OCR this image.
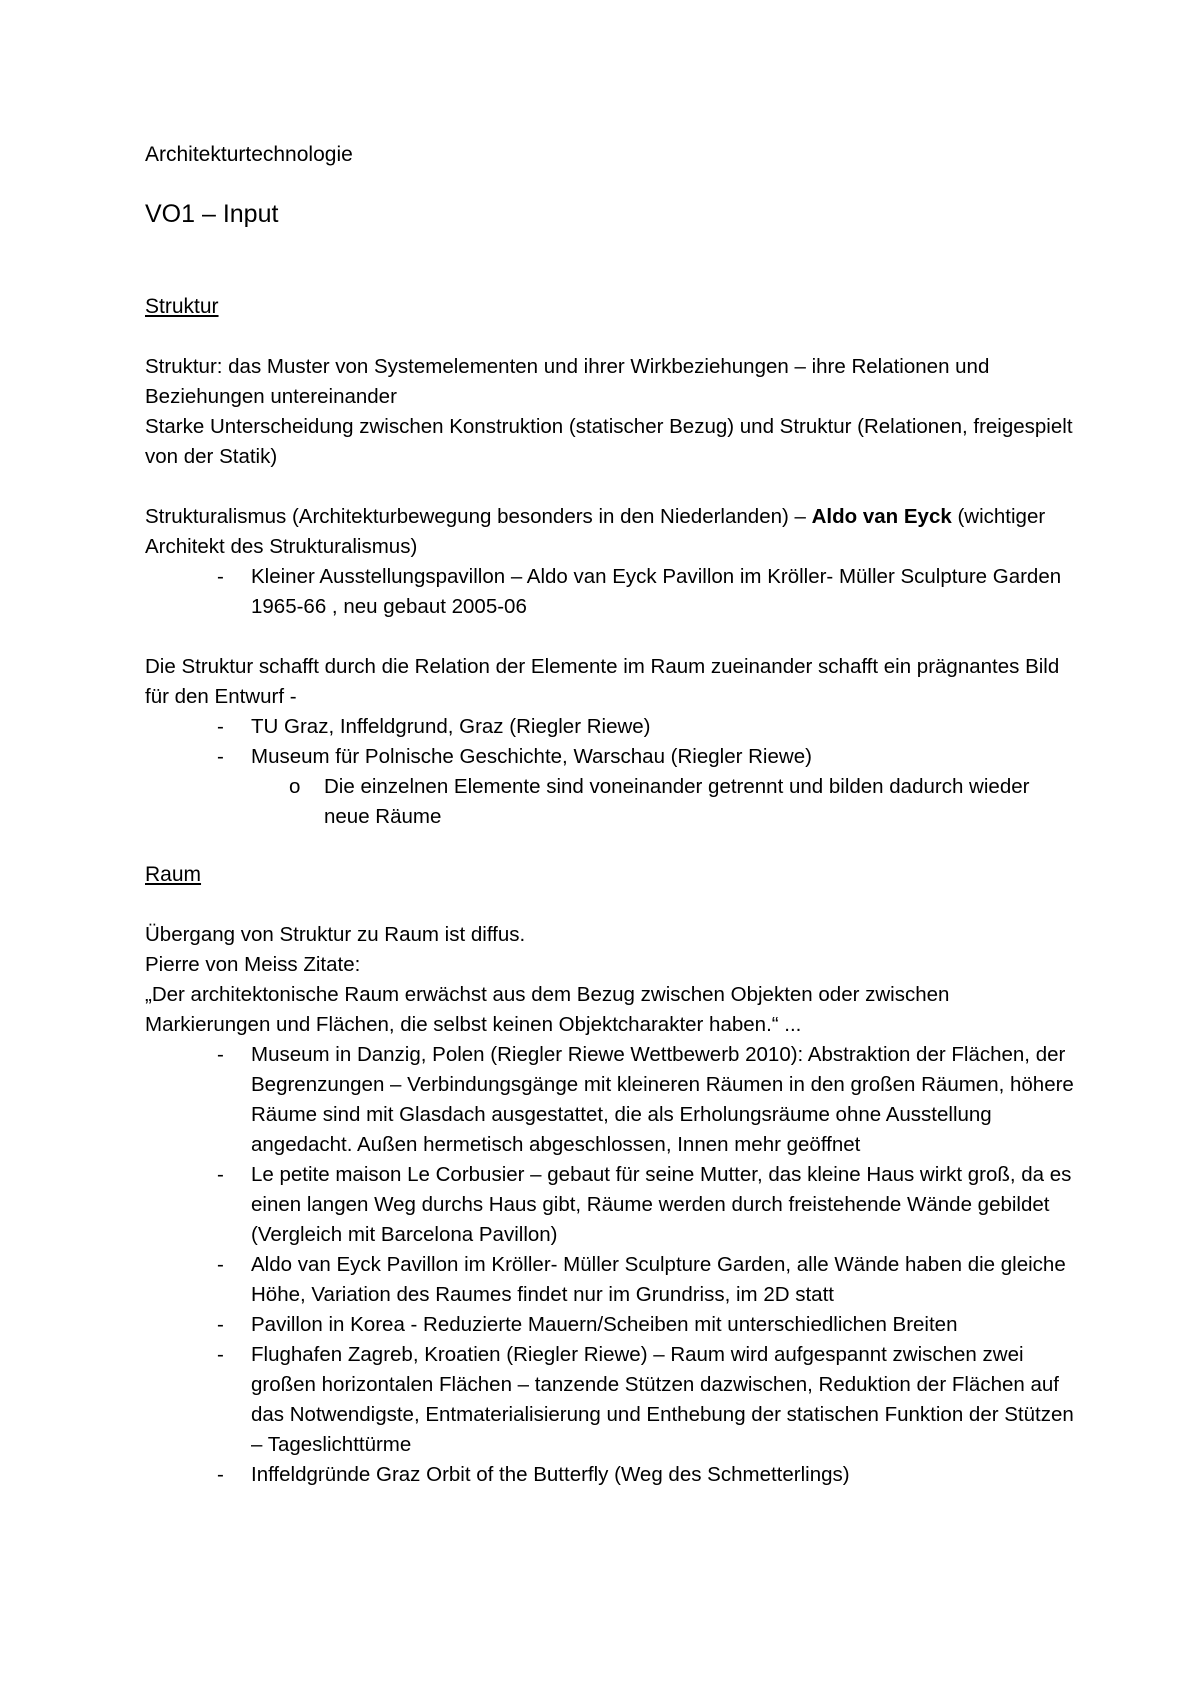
Architekturtechnologie

VO1 – Input

Struktur

Struktur: das Muster von Systemelementen und ihrer Wirkbeziehungen – ihre Relationen und Beziehungen untereinander

Starke Unterscheidung zwischen Konstruktion (statischer Bezug) und Struktur (Relationen, freigespielt von der Statik)

Strukturalismus (Architekturbewegung besonders in den Niederlanden) – Aldo van Eyck (wichtiger Architekt des Strukturalismus)

- Kleiner Ausstellungspavillon – Aldo van Eyck Pavillon im Kröller- Müller Sculpture Garden 1965-66 , neu gebaut 2005-06

Die Struktur schafft durch die Relation der Elemente im Raum zueinander schafft ein prägnantes Bild für den Entwurf -

- TU Graz, Inffeldgrund, Graz (Riegler Riewe)
- Museum für Polnische Geschichte, Warschau (Riegler Riewe)
o Die einzelnen Elemente sind voneinander getrennt und bilden dadurch wieder neue Räume
Raum

Übergang von Struktur zu Raum ist diffus.

Pierre von Meiss Zitate:

„Der architektonische Raum erwächst aus dem Bezug zwischen Objekten oder zwischen Markierungen und Flächen, die selbst keinen Objektcharakter haben.“ ...

- Museum in Danzig, Polen (Riegler Riewe Wettbewerb 2010): Abstraktion der Flächen, der Begrenzungen – Verbindungsgänge mit kleineren Räumen in den großen Räumen, höhere Räume sind mit Glasdach ausgestattet, die als Erholungsräume ohne Ausstellung angedacht. Außen hermetisch abgeschlossen, Innen mehr geöffnet
- Le petite maison Le Corbusier – gebaut für seine Mutter, das kleine Haus wirkt groß, da es einen langen Weg durchs Haus gibt, Räume werden durch freistehende Wände gebildet (Vergleich mit Barcelona Pavillon)
- Aldo van Eyck Pavillon im Kröller- Müller Sculpture Garden, alle Wände haben die gleiche Höhe, Variation des Raumes findet nur im Grundriss, im 2D statt
- Pavillon in Korea - Reduzierte Mauern/Scheiben mit unterschiedlichen Breiten
- Flughafen Zagreb, Kroatien (Riegler Riewe) – Raum wird aufgespannt zwischen zwei großen horizontalen Flächen – tanzende Stützen dazwischen, Reduktion der Flächen auf das Notwendigste, Entmaterialisierung und Enthebung der statischen Funktion der Stützen – Tageslichttürme
- Inffeldgründe Graz Orbit of the Butterfly (Weg des Schmetterlings)
